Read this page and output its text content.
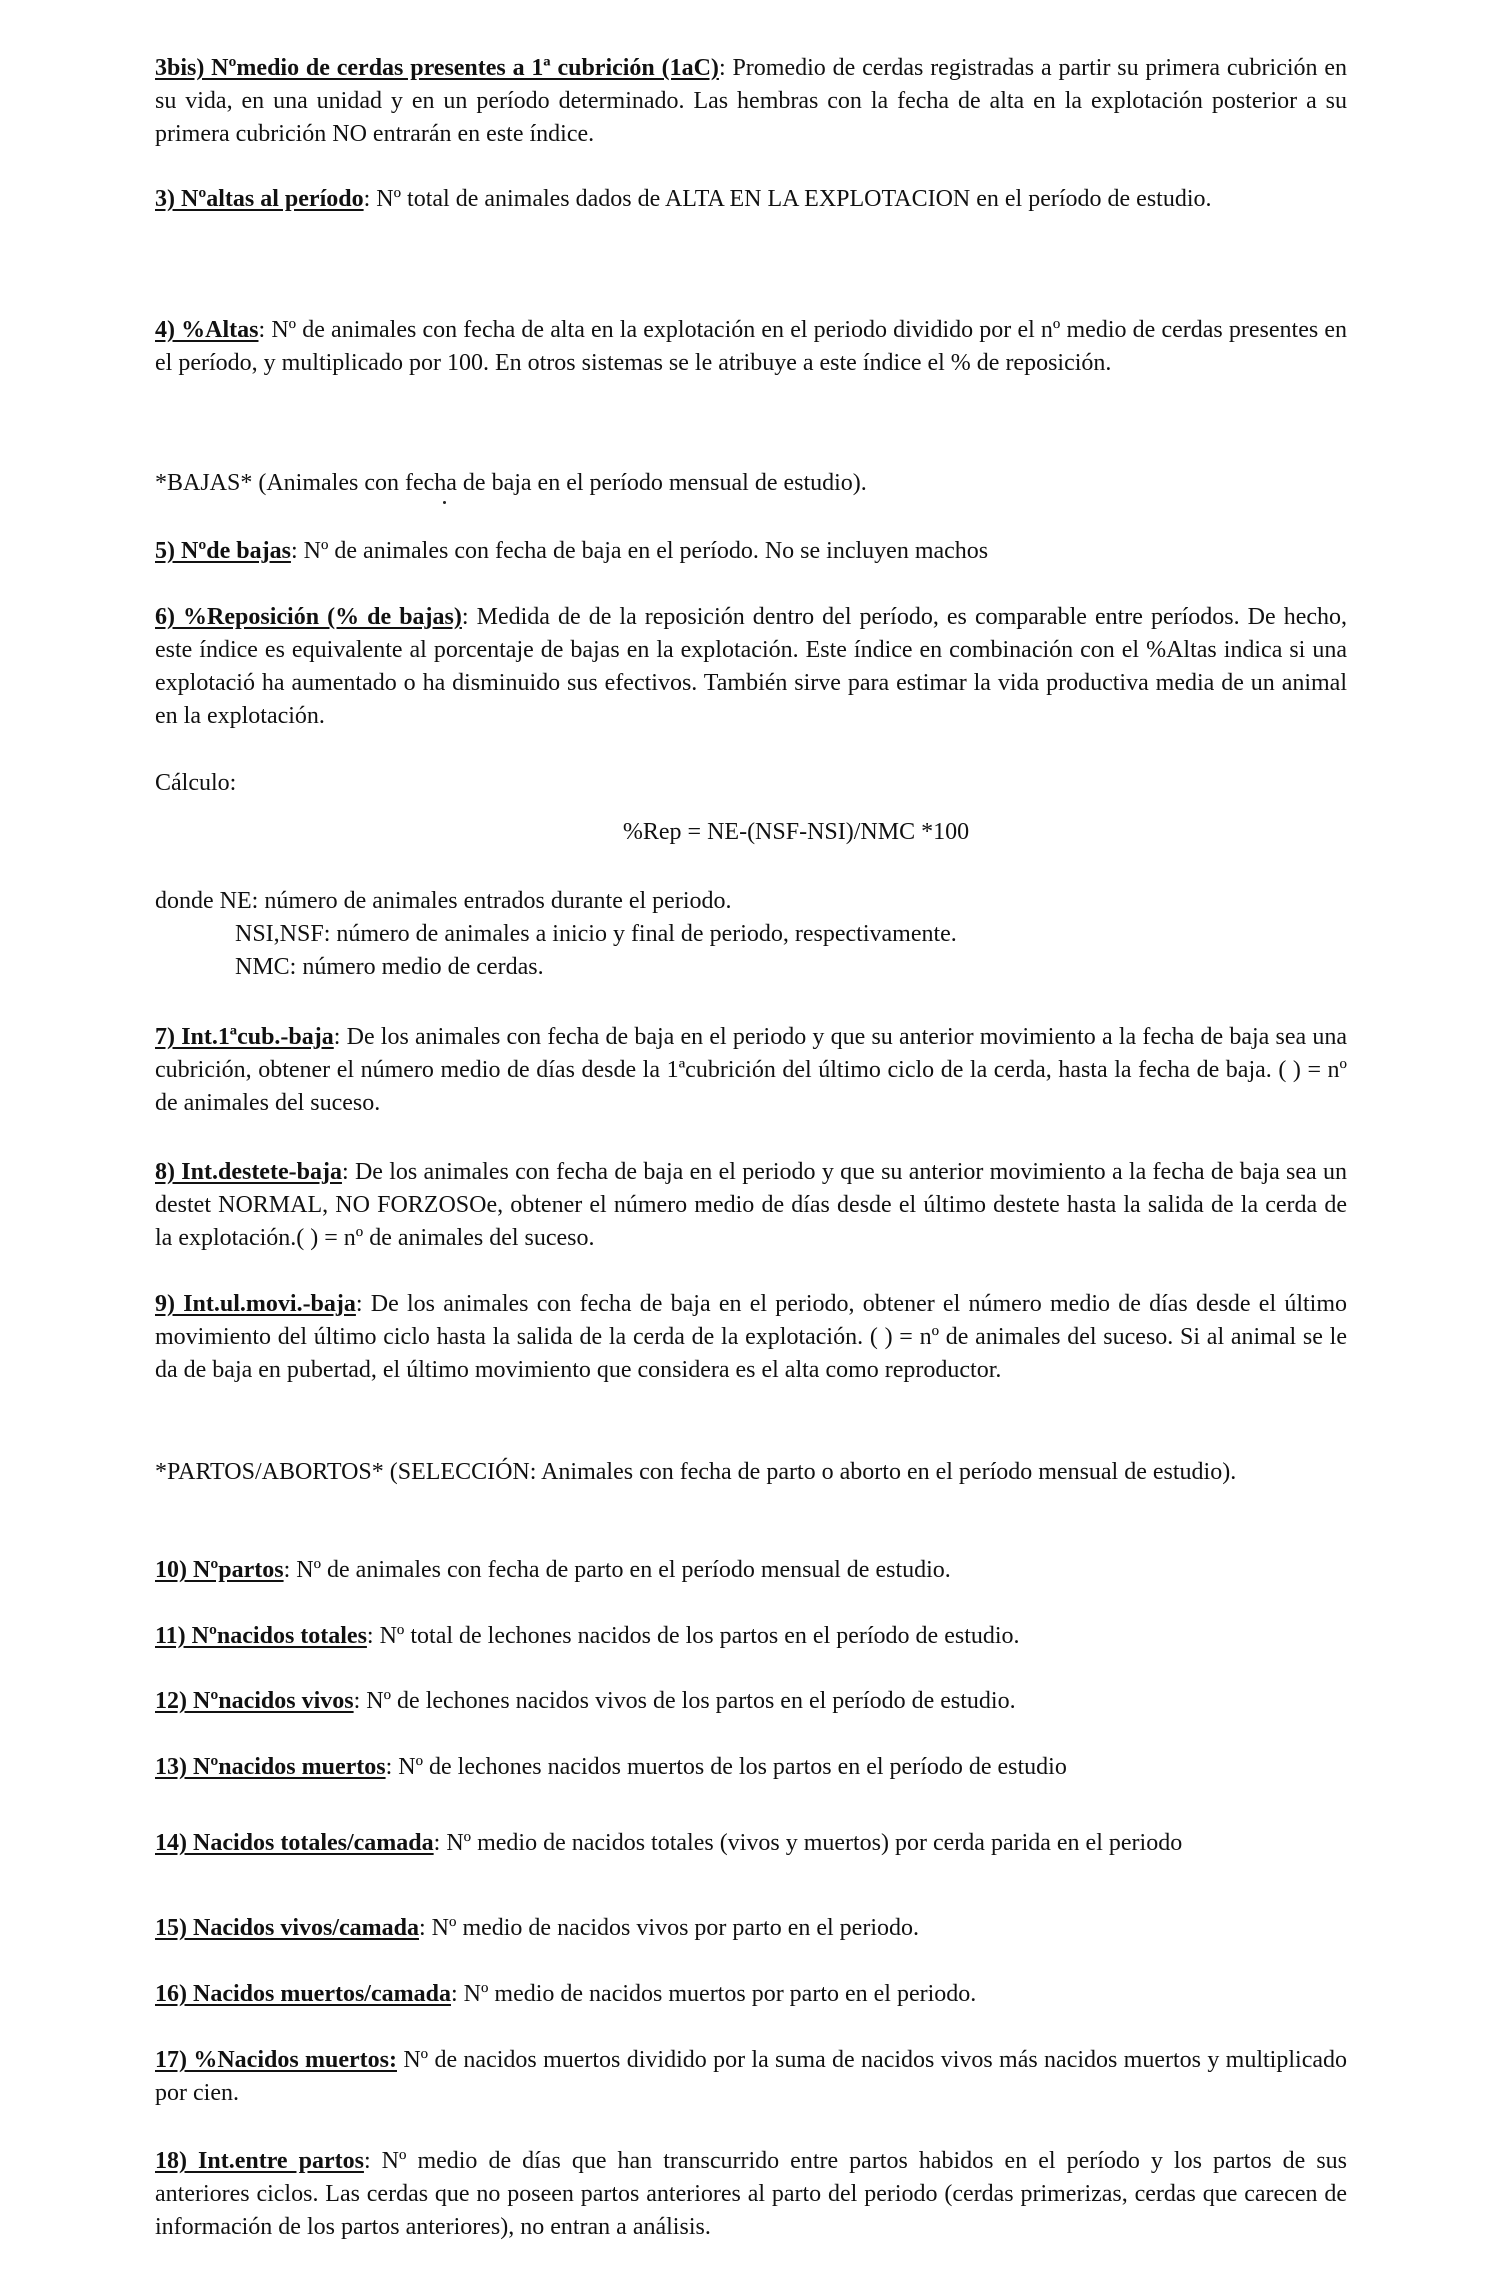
3bis) Nºmedio de cerdas presentes a 1ª cubrición (1aC): Promedio de cerdas registradas a partir su primera cubrición en su vida, en una unidad y en un período determinado. Las hembras con la fecha de alta en la explotación posterior a su primera cubrición NO entrarán en este índice.

3) Nºaltas al período: Nº total de animales dados de ALTA EN LA EXPLOTACION en el período de estudio.

4) %Altas: Nº de animales con fecha de alta en la explotación en el periodo dividido por el nº medio de cerdas presentes en el período, y multiplicado por 100. En otros sistemas se le atribuye a este índice el % de reposición.

*BAJAS* (Animales con fecha de baja en el período mensual de estudio).

5) Nºde bajas: Nº de animales con fecha de baja en el período. No se incluyen machos

6) %Reposición (% de bajas): Medida de de la reposición dentro del período, es comparable entre períodos. De hecho, este índice es equivalente al porcentaje de bajas en la explotación. Este índice en combinación con el %Altas indica si una explotació ha aumentado o ha disminuido sus efectivos. También sirve para estimar la vida productiva media de un animal en la explotación.

Cálculo:

%Rep = NE-(NSF-NSI)/NMC *100

donde NE: número de animales entrados durante el periodo.

NSI,NSF: número de animales a inicio y final de periodo, respectivamente.

NMC: número medio de cerdas.

7) Int.1ªcub.-baja: De los animales con fecha de baja en el periodo y que su anterior movimiento a la fecha de baja sea una cubrición, obtener el número medio de días desde la 1ªcubrición del último ciclo de la cerda, hasta la fecha de baja. ( ) = nº de animales del suceso.

8) Int.destete-baja: De los animales con fecha de baja en el periodo y que su anterior movimiento a la fecha de baja sea un destet NORMAL, NO FORZOSOe, obtener el número medio de días desde el último destete hasta la salida de la cerda de la explotación.( ) = nº de animales del suceso.

9) Int.ul.movi.-baja: De los animales con fecha de baja en el periodo, obtener el número medio de días desde el último movimiento del último ciclo hasta la salida de la cerda de la explotación. ( ) = nº de animales del suceso. Si al animal se le da de baja en pubertad, el último movimiento que considera es el alta como reproductor.

*PARTOS/ABORTOS* (SELECCIÓN: Animales con fecha de parto o aborto en el período mensual de estudio).

10) Nºpartos: Nº de animales con fecha de parto en el período mensual de estudio.

11) Nºnacidos totales: Nº total de lechones nacidos de los partos en el período de estudio.

12) Nºnacidos vivos: Nº de lechones nacidos vivos de los partos en el período de estudio.

13) Nºnacidos muertos: Nº de lechones nacidos muertos de los partos en el período de estudio

14) Nacidos totales/camada: Nº medio de nacidos totales (vivos y muertos) por cerda parida en el periodo

15) Nacidos vivos/camada: Nº medio de nacidos vivos por parto en el periodo.

16) Nacidos muertos/camada: Nº medio de nacidos muertos por parto en el periodo.

17) %Nacidos muertos: Nº de nacidos muertos dividido por la suma de nacidos vivos más nacidos muertos y multiplicado por cien.

18) Int.entre partos: Nº medio de días que han transcurrido entre partos habidos en el período y los partos de sus anteriores ciclos. Las cerdas que no poseen partos anteriores al parto del periodo (cerdas primerizas, cerdas que carecen de información de los partos anteriores), no entran a análisis.
